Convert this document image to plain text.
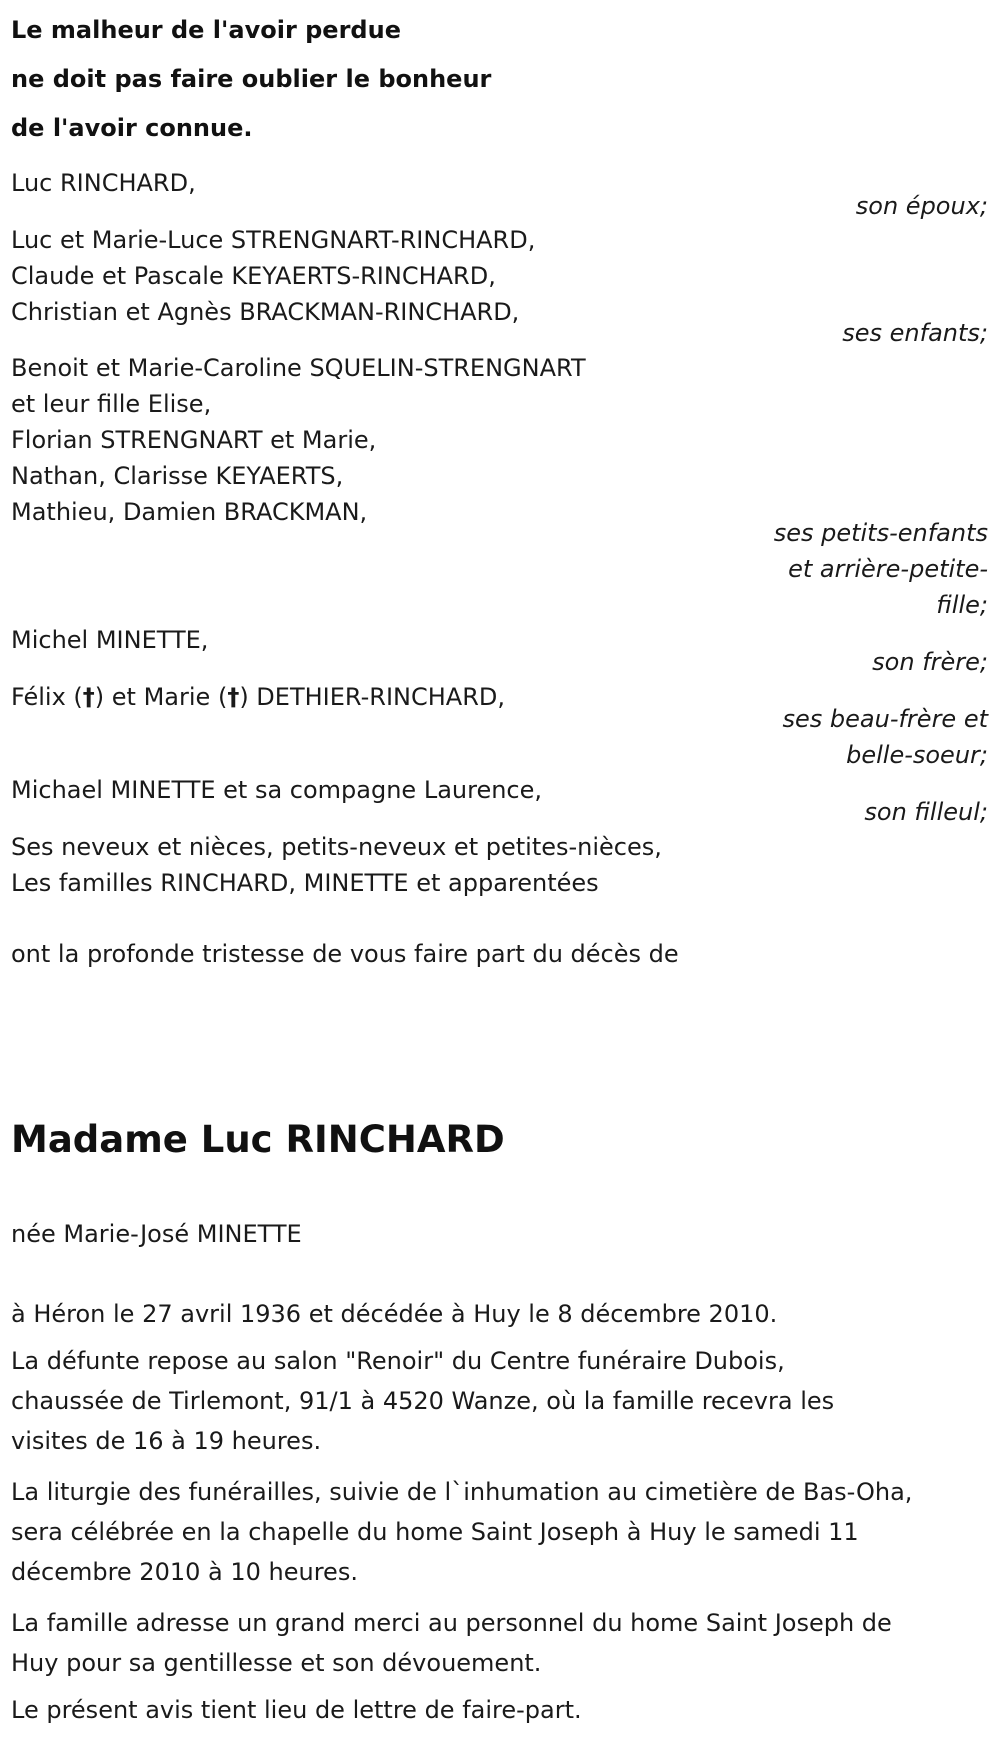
Le malheur de l'avoir perdue
ne doit pas faire oublier le bonheur
de l'avoir connue.
Luc RINCHARD,
son époux;
Luc et Marie-Luce STRENGNART-RINCHARD,
Claude et Pascale KEYAERTS-RINCHARD,
Christian et Agnès BRACKMAN-RINCHARD,
ses enfants;
Benoit et Marie-Caroline SQUELIN-STRENGNART
et leur fille Elise,
Florian STRENGNART et Marie,
Nathan, Clarisse KEYAERTS,
Mathieu, Damien BRACKMAN,
ses petits-enfants
et arrière-petite-
fille;
Michel MINETTE,
son frère;
Félix (†) et Marie (†) DETHIER-RINCHARD,
ses beau-frère et
belle-soeur;
Michael MINETTE et sa compagne Laurence,
son filleul;
Ses neveux et nièces, petits-neveux et petites-nièces,
Les familles RINCHARD, MINETTE et apparentées
ont la profonde tristesse de vous faire part du décès de
Madame Luc RINCHARD
née Marie-José MINETTE
à Héron le 27 avril 1936 et décédée à Huy le 8 décembre 2010.
La défunte repose au salon "Renoir" du Centre funéraire Dubois,
chaussée de Tirlemont, 91/1 à 4520 Wanze, où la famille recevra les
visites de 16 à 19 heures.
La liturgie des funérailles, suivie de l`inhumation au cimetière de Bas-Oha,
sera célébrée en la chapelle du home Saint Joseph à Huy le samedi 11
décembre 2010 à 10 heures.
La famille adresse un grand merci au personnel du home Saint Joseph de
Huy pour sa gentillesse et son dévouement.
Le présent avis tient lieu de lettre de faire-part.
